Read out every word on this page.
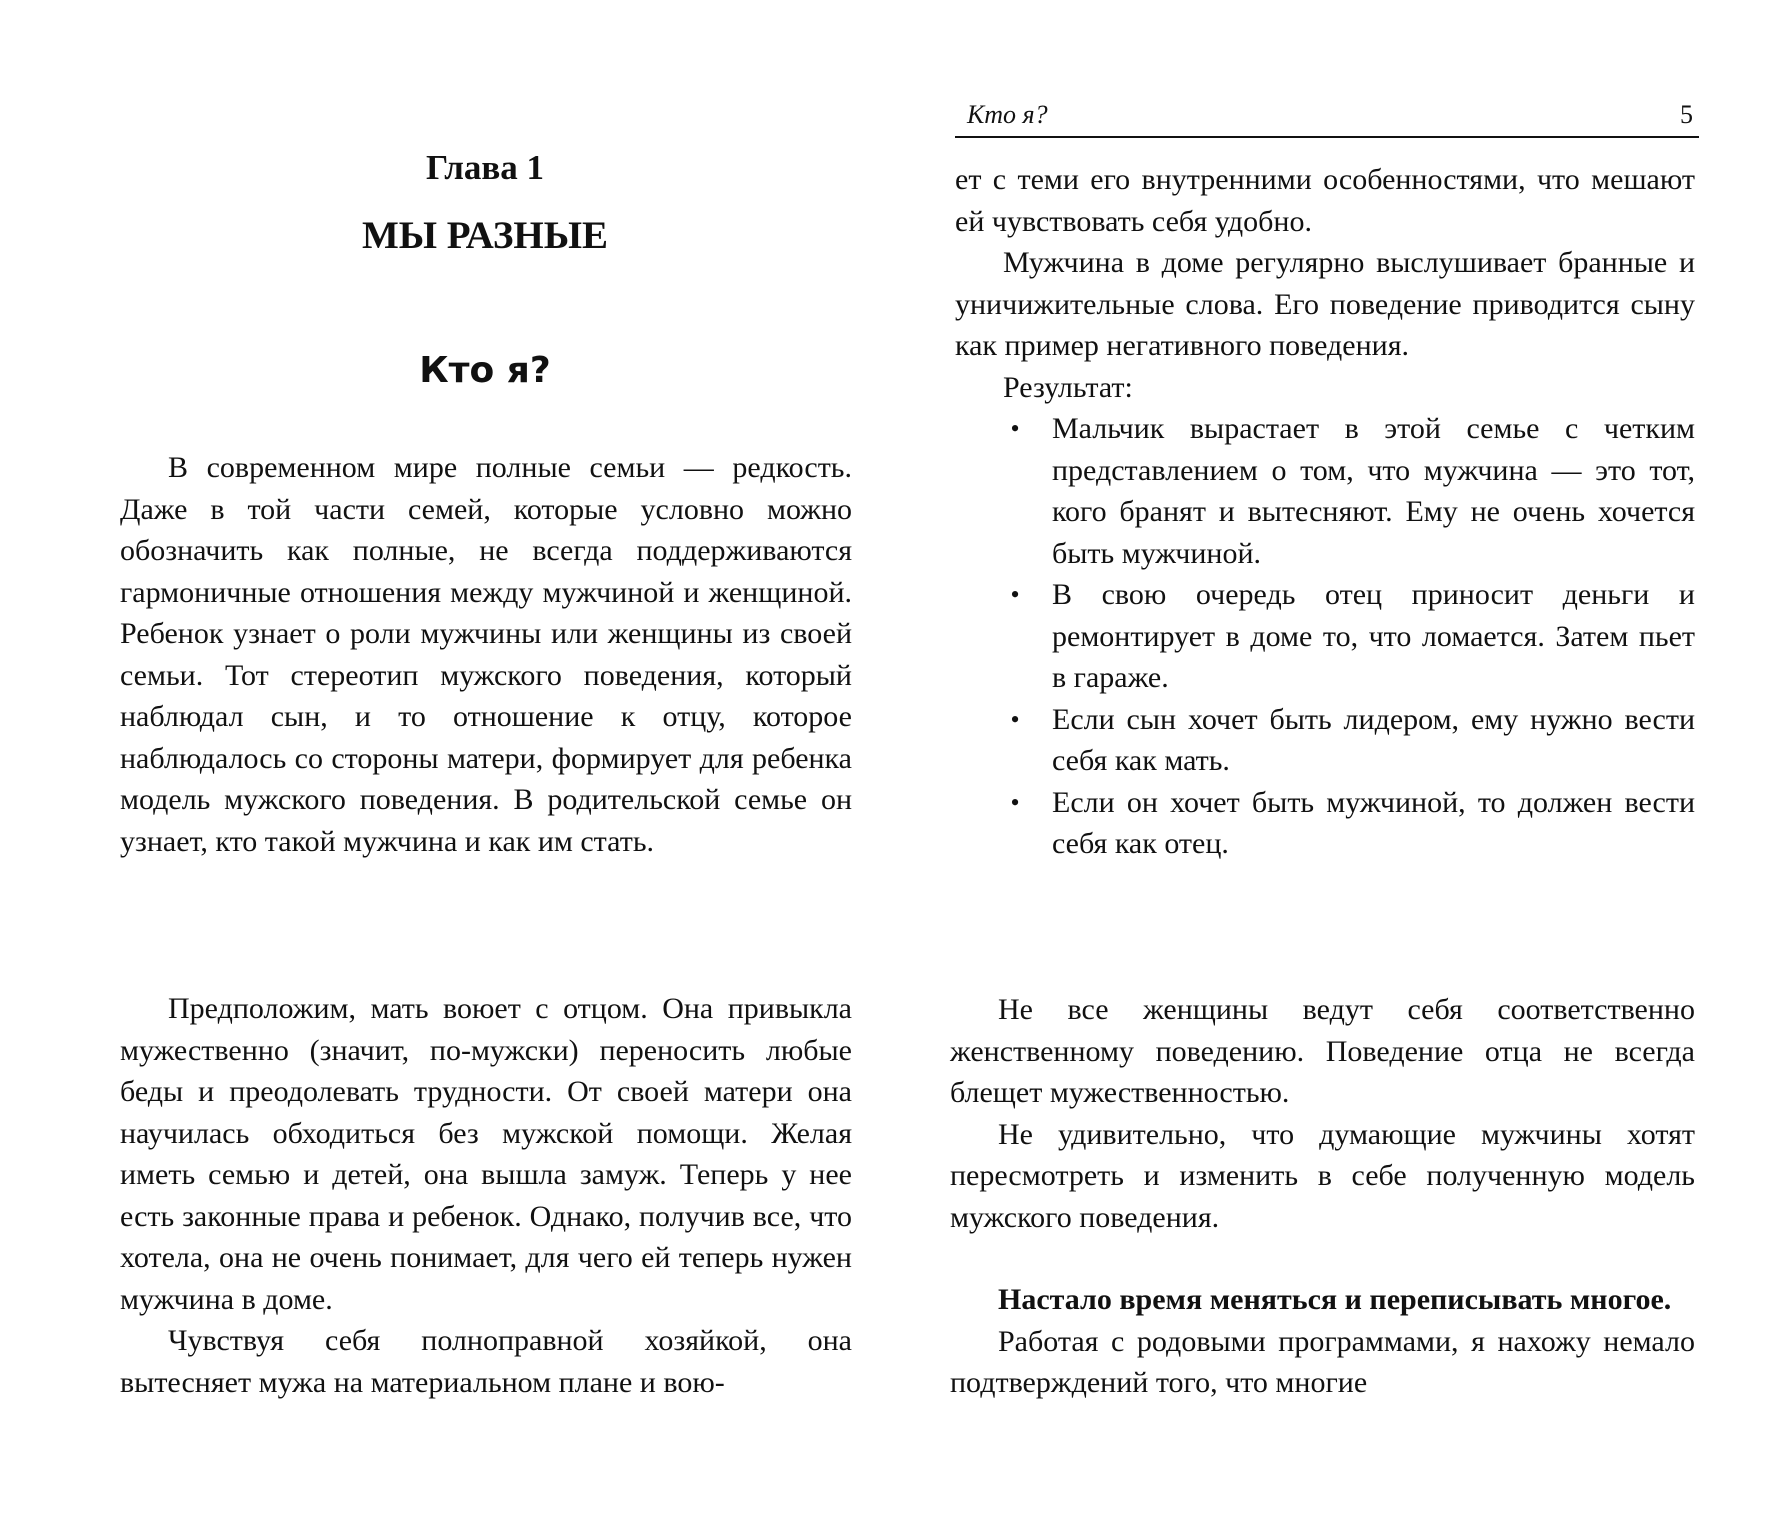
Глава 1
МЫ РАЗНЫЕ
Кто я?

В современном мире полные семьи — редкость. Даже в той части семей, которые условно можно обозначить как полные, не всегда поддерживаются гармоничные отношения между мужчиной и женщиной. Ребенок узнает о роли мужчины или женщины из своей семьи. Тот стереотип мужского поведения, который наблюдал сын, и то отношение к отцу, которое наблюдалось со стороны матери, формирует для ребенка модель мужского поведения. В родительской семье он узнает, кто такой мужчина и как им стать.

Предположим, мать воюет с отцом. Она привыкла мужественно (значит, по-мужски) переносить любые беды и преодолевать трудности. От своей матери она научилась обходиться без мужской помощи. Желая иметь семью и детей, она вышла замуж. Теперь у нее есть законные права и ребенок. Однако, получив все, что хотела, она не очень понимает, для чего ей теперь нужен мужчина в доме.

Чувствуя себя полноправной хозяйкой, она вытесняет мужа на материальном плане и вою-

Кто я?	5

ет с теми его внутренними особенностями, что мешают ей чувствовать себя удобно.

Мужчина в доме регулярно выслушивает бранные и уничижительные слова. Его поведение приводится сыну как пример негативного поведения.

Результат:

• Мальчик вырастает в этой семье с четким представлением о том, что мужчина — это тот, кого бранят и вытесняют. Ему не очень хочется быть мужчиной.
• В свою очередь отец приносит деньги и ремонтирует в доме то, что ломается. Затем пьет в гараже.
• Если сын хочет быть лидером, ему нужно вести себя как мать.
• Если он хочет быть мужчиной, то должен вести себя как отец.

Не все женщины ведут себя соответственно женственному поведению. Поведение отца не всегда блещет мужественностью.

Не удивительно, что думающие мужчины хотят пересмотреть и изменить в себе полученную модель мужского поведения.

Настало время меняться и переписывать многое.

Работая с родовыми программами, я нахожу немало подтверждений того, что многие
